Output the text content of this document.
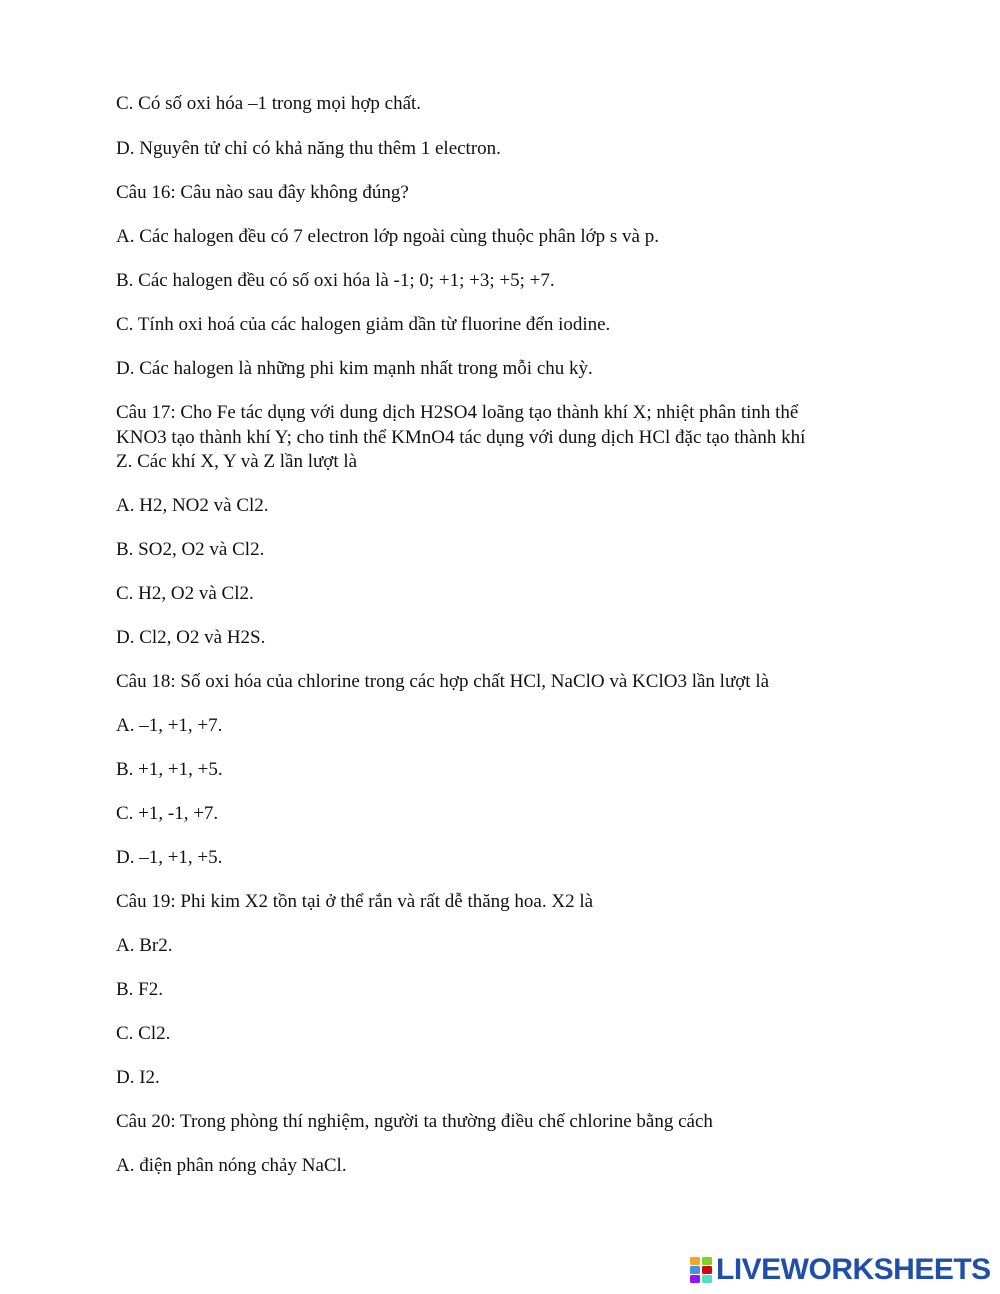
C. Có số oxi hóa –1 trong mọi hợp chất.
D. Nguyên tử chỉ có khả năng thu thêm 1 electron.
Câu 16: Câu nào sau đây không đúng?
A. Các halogen đều có 7 electron lớp ngoài cùng thuộc phân lớp s và p.
B. Các halogen đều có số oxi hóa là -1; 0; +1; +3; +5; +7.
C. Tính oxi hoá của các halogen giảm dần từ fluorine đến iodine.
D. Các halogen là những phi kim mạnh nhất trong mỗi chu kỳ.
Câu 17: Cho Fe tác dụng với dung dịch H2SO4 loãng tạo thành khí X; nhiệt phân tinh thể
KNO3 tạo thành khí Y; cho tinh thể KMnO4 tác dụng với dung dịch HCl đặc tạo thành khí
Z. Các khí X, Y và Z lần lượt là
A. H2, NO2 và Cl2.
B. SO2, O2 và Cl2.
C. H2, O2 và Cl2.
D. Cl2, O2 và H2S.
Câu 18: Số oxi hóa của chlorine trong các hợp chất HCl, NaClO và KClO3 lần lượt là
A. –1, +1, +7.
B. +1, +1, +5.
C. +1, -1, +7.
D. –1, +1, +5.
Câu 19: Phi kim X2 tồn tại ở thể rắn và rất dễ thăng hoa. X2 là
A. Br2.
B. F2.
C. Cl2.
D. I2.
Câu 20: Trong phòng thí nghiệm, người ta thường điều chế chlorine bằng cách
A. điện phân nóng chảy NaCl.
LIVEWORKSHEETS
